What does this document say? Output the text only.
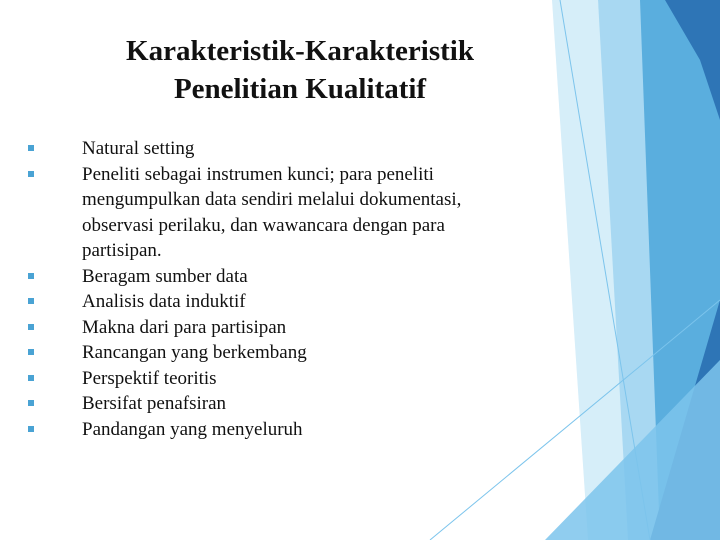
Karakteristik-Karakteristik
Penelitian Kualitatif
Natural setting
Peneliti sebagai instrumen kunci; para peneliti mengumpulkan data sendiri melalui dokumentasi, observasi perilaku, dan wawancara dengan para partisipan.
Beragam sumber data
Analisis data induktif
Makna dari para partisipan
Rancangan yang berkembang
Perspektif teoritis
Bersifat penafsiran
Pandangan yang menyeluruh
